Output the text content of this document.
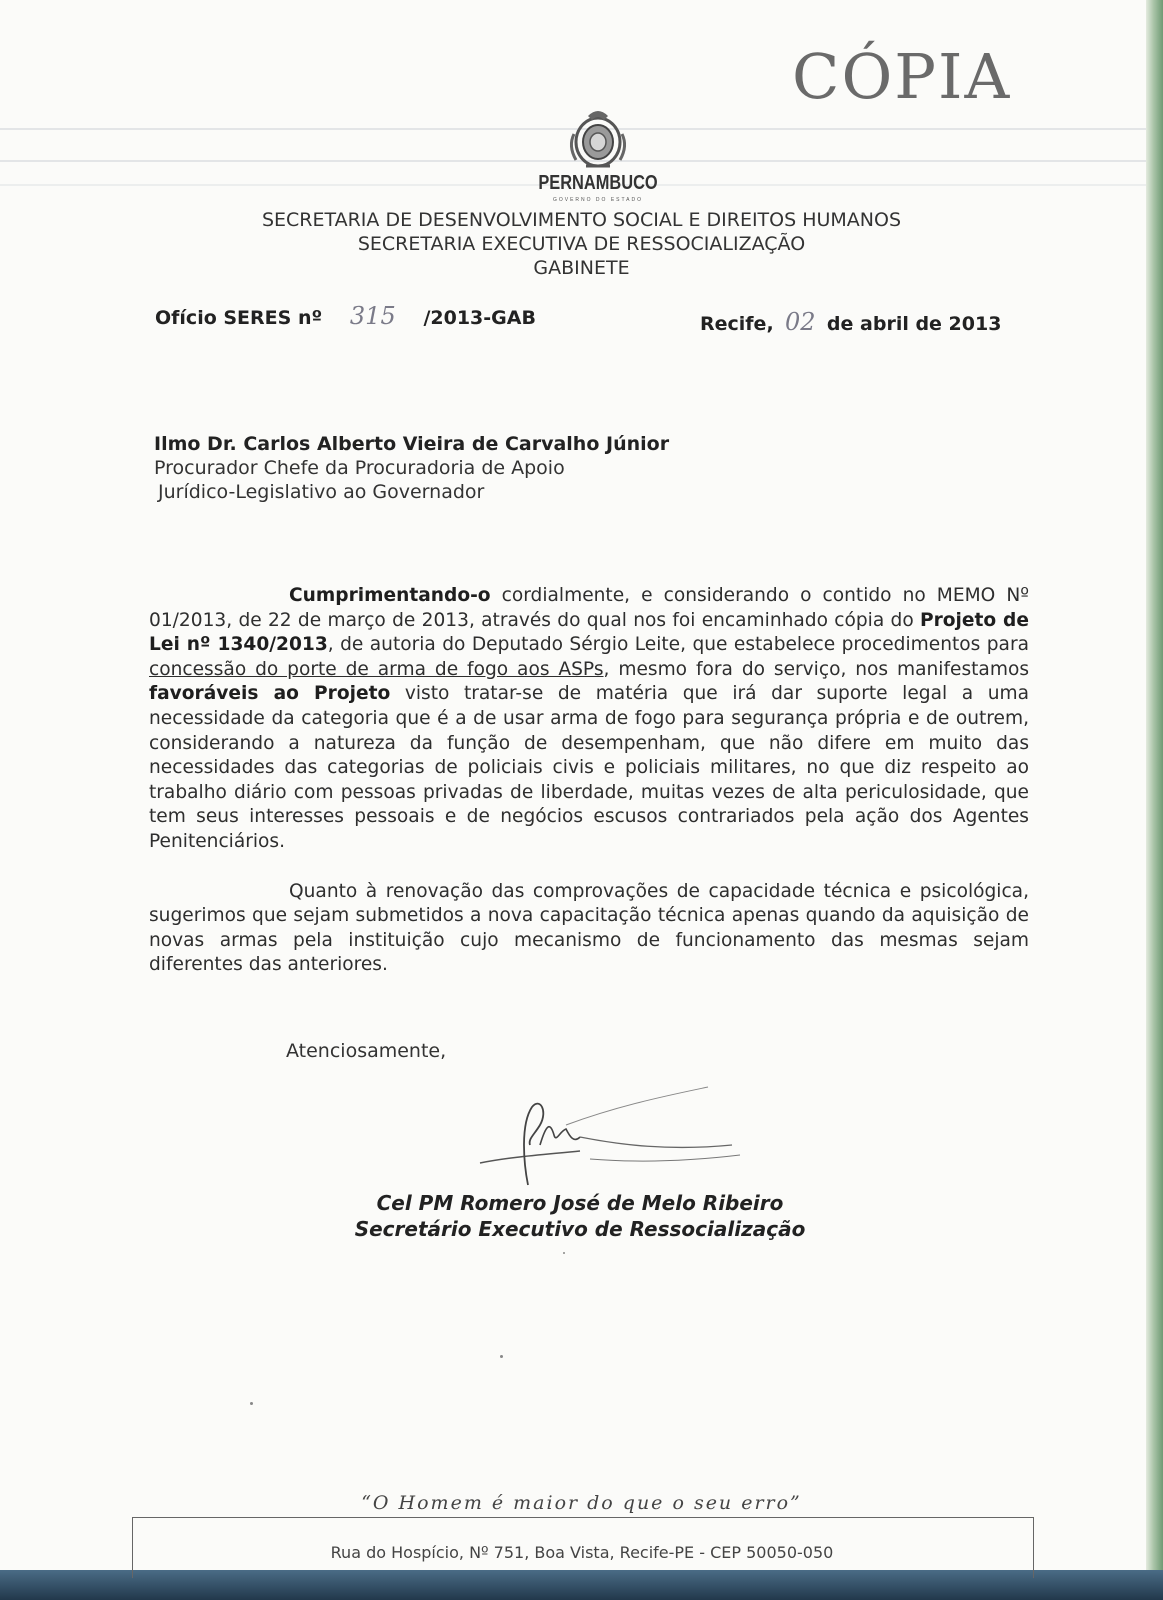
CÓPIA
PERNAMBUCO
GOVERNO DO ESTADO
SECRETARIA DE DESENVOLVIMENTO SOCIAL E DIREITOS HUMANOS
SECRETARIA EXECUTIVA DE RESSOCIALIZAÇÃO
GABINETE
Ofício SERES nº 315 /2013-GAB	Recife, 02 de abril de 2013
Ilmo Dr. Carlos Alberto Vieira de Carvalho Júnior
Procurador Chefe da Procuradoria de Apoio
Jurídico-Legislativo ao Governador

Cumprimentando-o cordialmente, e considerando o contido no MEMO Nº 01/2013, de 22 de março de 2013, através do qual nos foi encaminhado cópia do Projeto de Lei nº 1340/2013, de autoria do Deputado Sérgio Leite, que estabelece procedimentos para concessão do porte de arma de fogo aos ASPs, mesmo fora do serviço, nos manifestamos favoráveis ao Projeto visto tratar-se de matéria que irá dar suporte legal a uma necessidade da categoria que é a de usar arma de fogo para segurança própria e de outrem, considerando a natureza da função de desempenham, que não difere em muito das necessidades das categorias de policiais civis e policiais militares, no que diz respeito ao trabalho diário com pessoas privadas de liberdade, muitas vezes de alta periculosidade, que tem seus interesses pessoais e de negócios escusos contrariados pela ação dos Agentes Penitenciários.

Quanto à renovação das comprovações de capacidade técnica e psicológica, sugerimos que sejam submetidos a nova capacitação técnica apenas quando da aquisição de novas armas pela instituição cujo mecanismo de funcionamento das mesmas sejam diferentes das anteriores.

Atenciosamente,
Cel PM Romero José de Melo Ribeiro
Secretário Executivo de Ressocialização
“O Homem é maior do que o seu erro”
Rua do Hospício, Nº 751, Boa Vista, Recife-PE - CEP 50050-050
